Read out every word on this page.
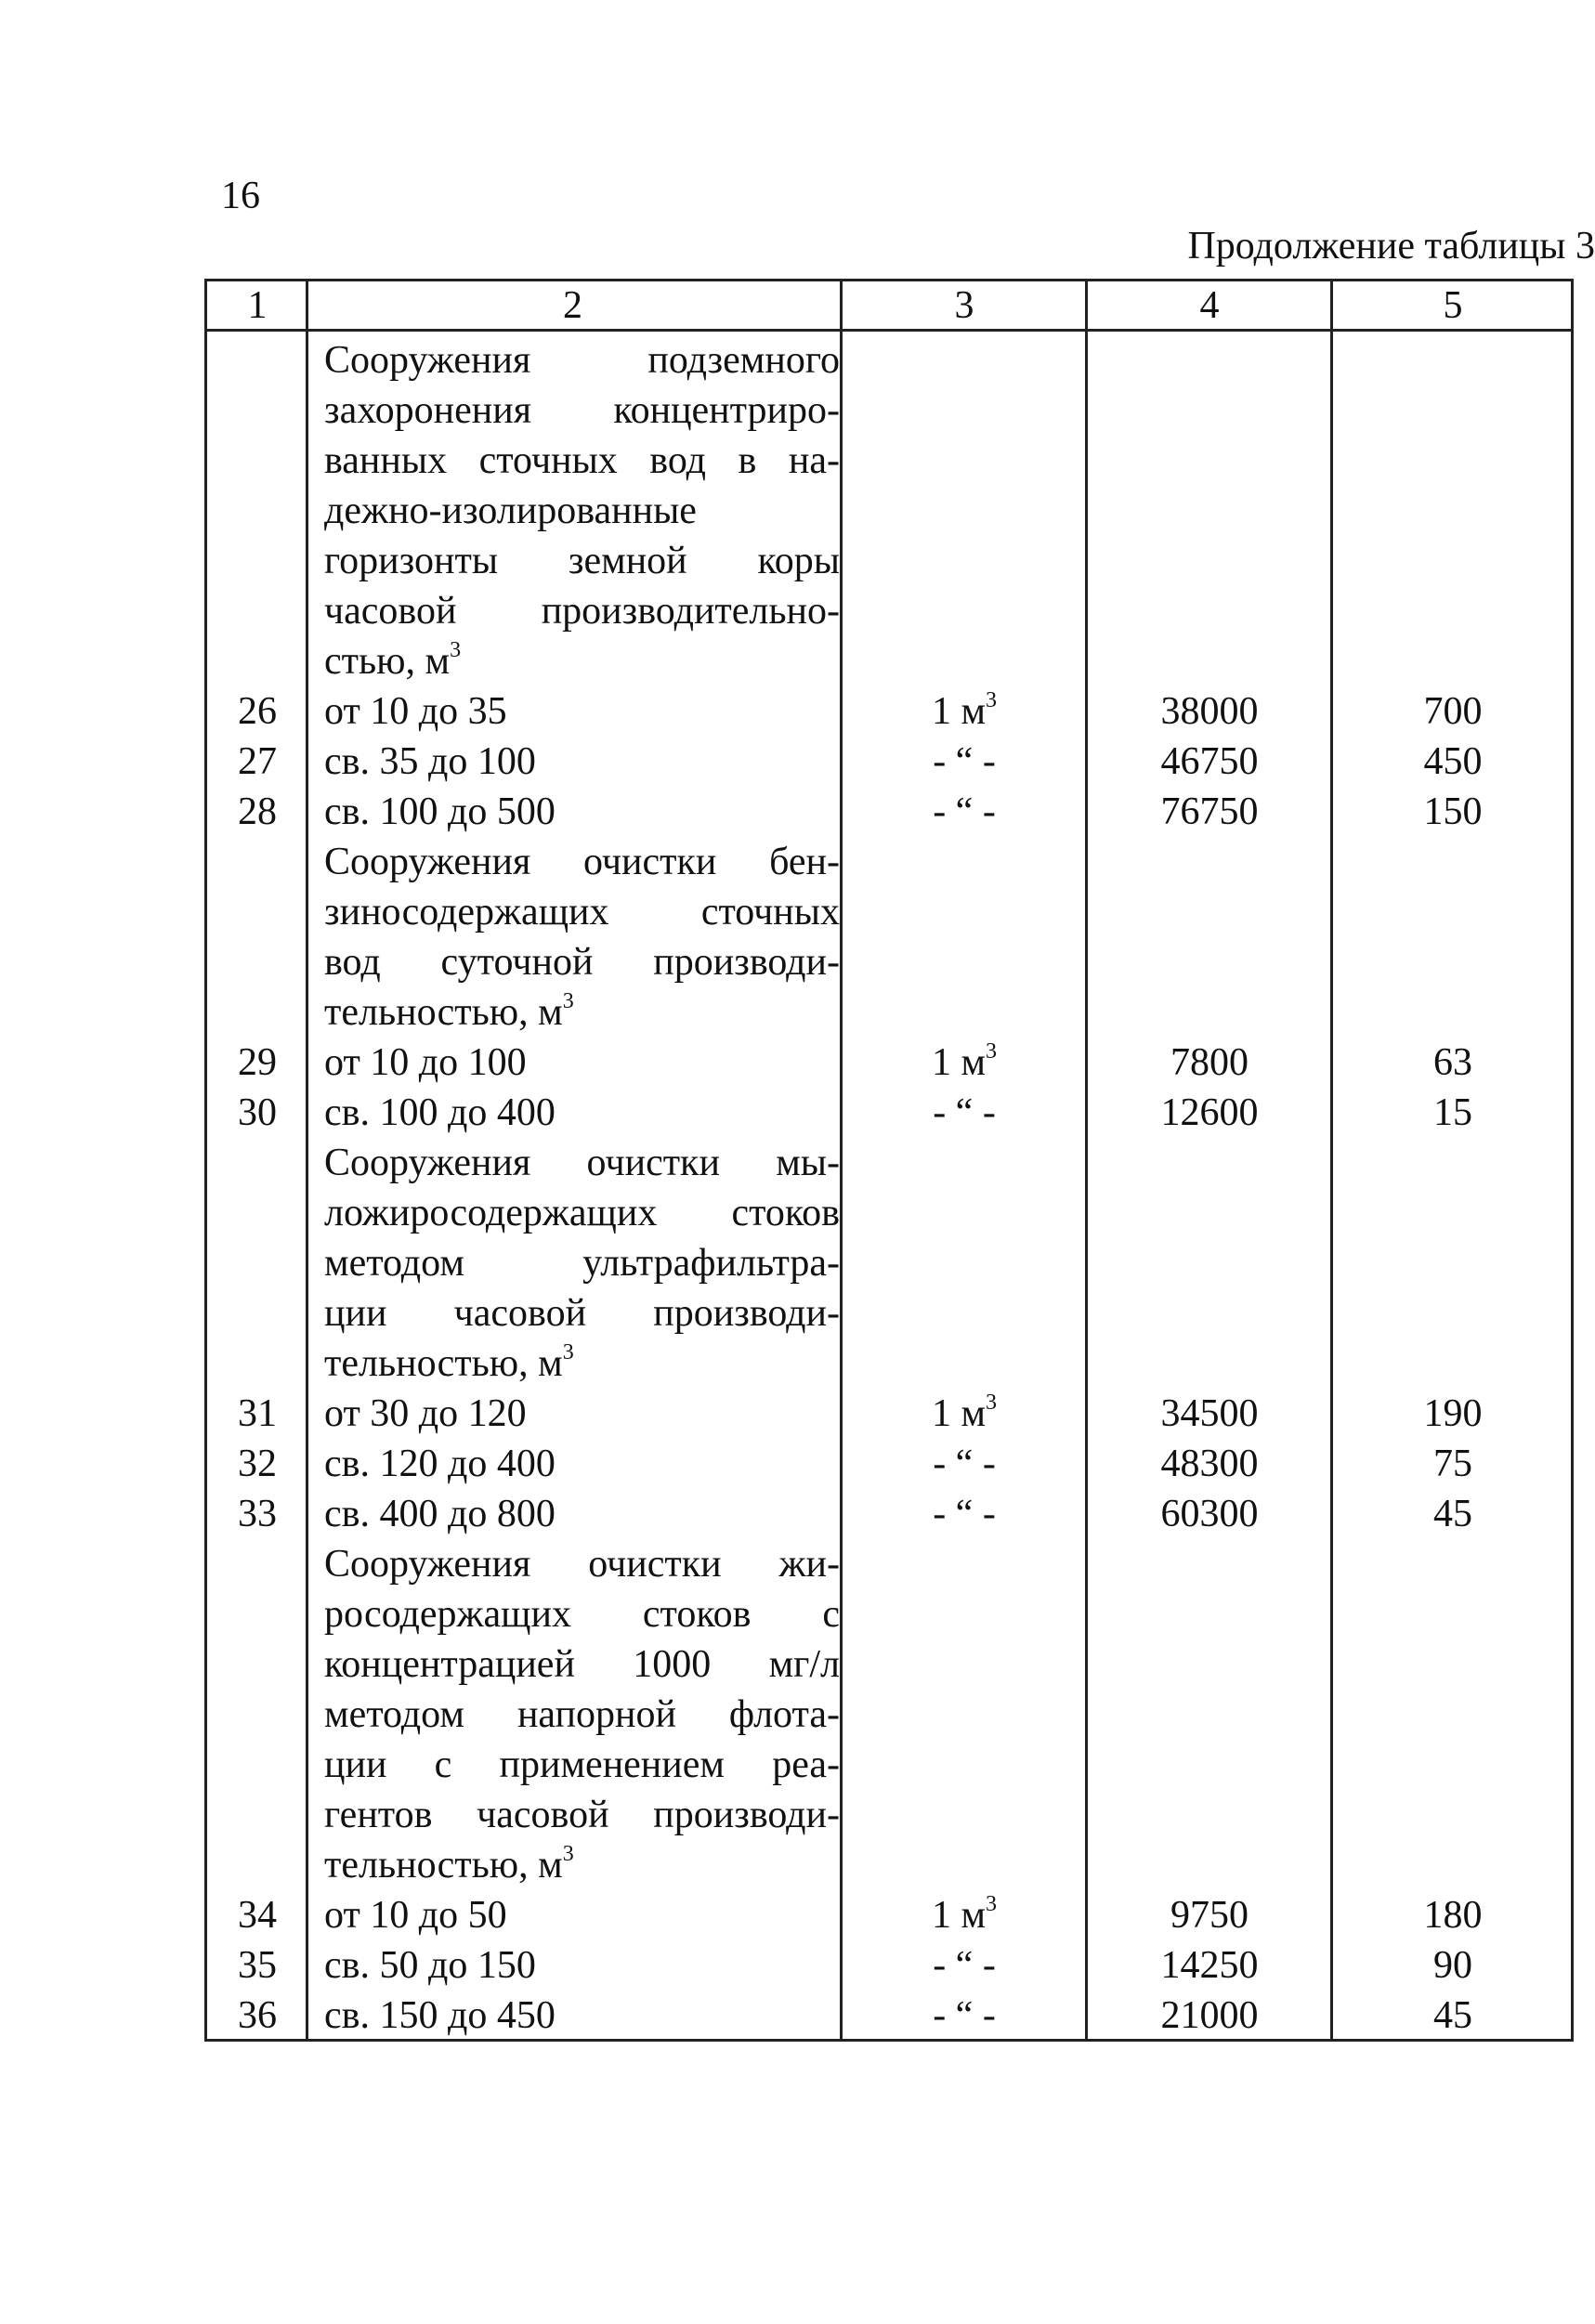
16
Продолжение таблицы 3
1	2	3	4	5
Сооружения подземного
захоронения концентриро-
ванных сточных вод в на-
дежно-изолированные
горизонты земной коры
часовой производительно-
стью, $м^3$
26	от 10 до 35	1 $м^3$	38000	700
27	св. 35 до 100	- “ -	46750	450
28	св. 100 до 500	- “ -	76750	150
Сооружения очистки бен-
зиносодержащих сточных
вод суточной производи-
тельностью, $м^3$
29	от 10 до 100	1 $м^3$	7800	63
30	св. 100 до 400	- “ -	12600	15
Сооружения очистки мы-
ложиросодержащих стоков
методом ультрафильтра-
ции часовой производи-
тельностью, $м^3$
31	от 30 до 120	1 $м^3$	34500	190
32	св. 120 до 400	- “ -	48300	75
33	св. 400 до 800	- “ -	60300	45
Сооружения очистки жи-
росодержащих стоков с
концентрацией 1000 мг/л
методом напорной флота-
ции с применением реа-
гентов часовой производи-
тельностью, $м^3$
34	от 10 до 50	1 $м^3$	9750	180
35	св. 50 до 150	- “ -	14250	90
36	св. 150 до 450	- “ -	21000	45
